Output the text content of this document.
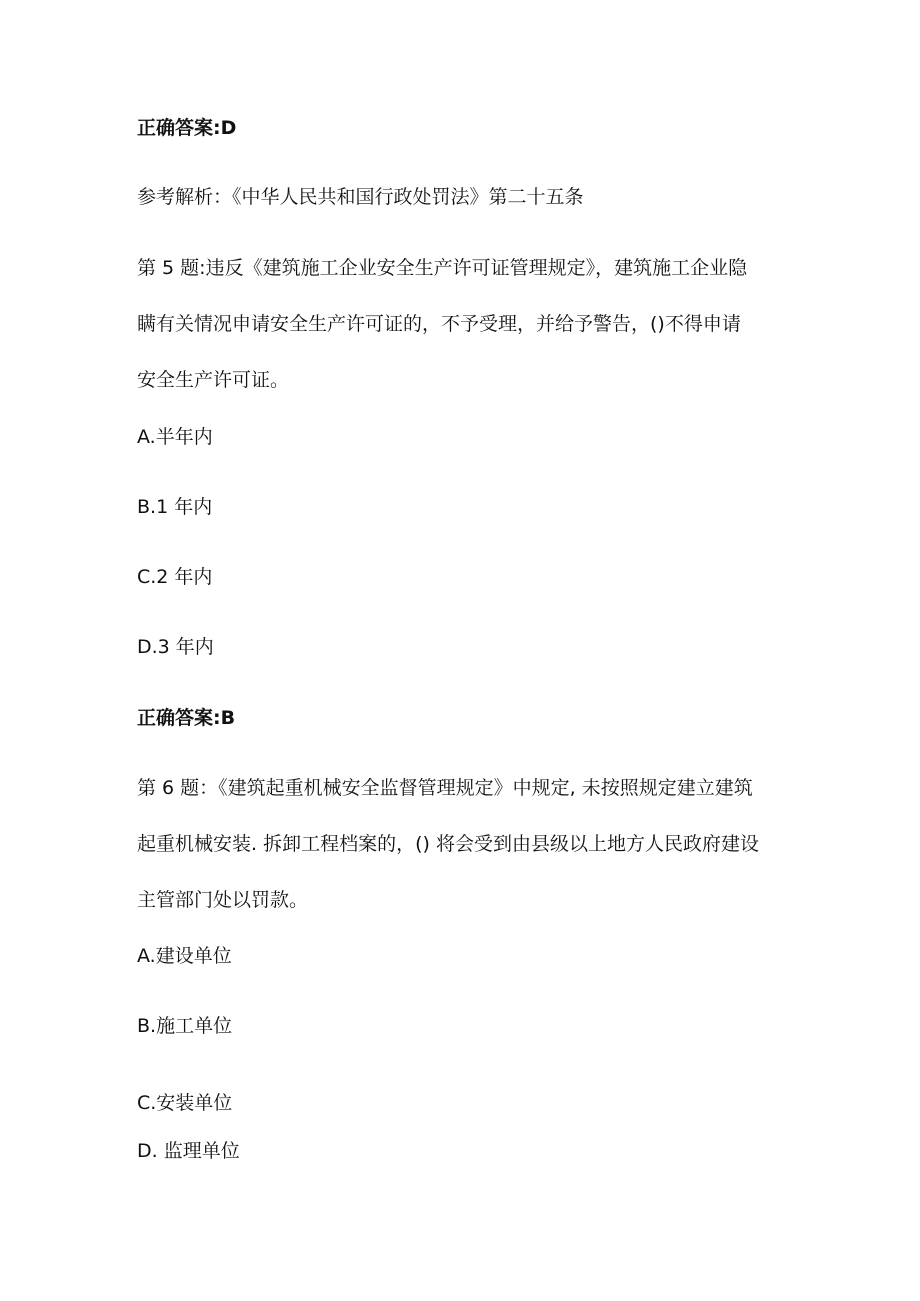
正确答案:D
参考解析：《中华人民共和国行政处罚法》第二十五条
第 5 题:违反《建筑施工企业安全生产许可证管理规定》，建筑施工企业隐
瞒有关情况申请安全生产许可证的，不予受理，并给予警告，()不得申请
安全生产许可证。
A.半年内
B.1 年内
C.2 年内
D.3 年内
正确答案:B
第 6 题：《建筑起重机械安全监督管理规定》中规定, 未按照规定建立建筑
起重机械安装. 拆卸工程档案的，() 将会受到由县级以上地方人民政府建设
主管部门处以罚款。
A.建设单位
B.施工单位
C.安装单位
D. 监理单位
